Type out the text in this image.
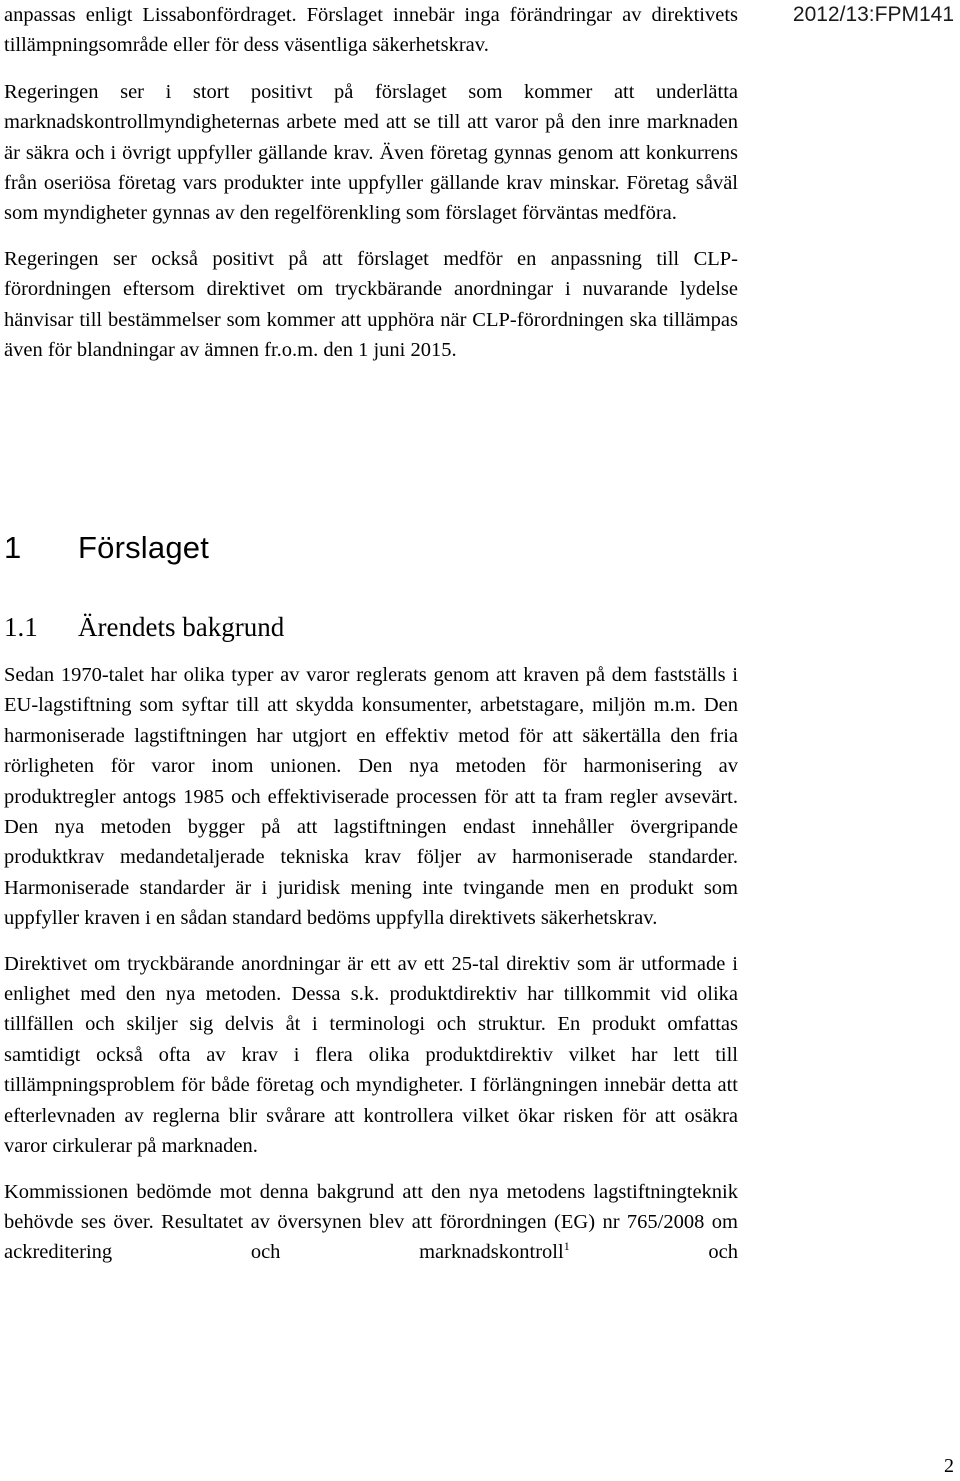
2012/13:FPM141

anpassas enligt Lissabonfördraget. Förslaget innebär inga förändringar av direktivets tillämpningsområde eller för dess väsentliga säkerhetskrav.

Regeringen ser i stort positivt på förslaget som kommer att underlätta marknadskontrollmyndigheternas arbete med att se till att varor på den inre marknaden är säkra och i övrigt uppfyller gällande krav. Även företag gynnas genom att konkurrens från oseriösa företag vars produkter inte uppfyller gällande krav minskar. Företag såväl som myndigheter gynnas av den regelförenkling som förslaget förväntas medföra.

Regeringen ser också positivt på att förslaget medför en anpassning till CLP-förordningen eftersom direktivet om tryckbärande anordningar i nuvarande lydelse hänvisar till bestämmelser som kommer att upphöra när CLP-förordningen ska tillämpas även för blandningar av ämnen fr.o.m. den 1 juni 2015.

1 Förslaget
1.1 Ärendets bakgrund

Sedan 1970-talet har olika typer av varor reglerats genom att kraven på dem fastställs i EU-lagstiftning som syftar till att skydda konsumenter, arbetstagare, miljön m.m. Den harmoniserade lagstiftningen har utgjort en effektiv metod för att säkertälla den fria rörligheten för varor inom unionen. Den nya metoden för harmonisering av produktregler antogs 1985 och effektiviserade processen för att ta fram regler avsevärt. Den nya metoden bygger på att lagstiftningen endast innehåller övergripande produktkrav medandetaljerade tekniska krav följer av harmoniserade standarder. Harmoniserade standarder är i juridisk mening inte tvingande men en produkt som uppfyller kraven i en sådan standard bedöms uppfylla direktivets säkerhetskrav.

Direktivet om tryckbärande anordningar är ett av ett 25-tal direktiv som är utformade i enlighet med den nya metoden. Dessa s.k. produktdirektiv har tillkommit vid olika tillfällen och skiljer sig delvis åt i terminologi och struktur. En produkt omfattas samtidigt också ofta av krav i flera olika produktdirektiv vilket har lett till tillämpningsproblem för både företag och myndigheter. I förlängningen innebär detta att efterlevnaden av reglerna blir svårare att kontrollera vilket ökar risken för att osäkra varor cirkulerar på marknaden.

Kommissionen bedömde mot denna bakgrund att den nya metodens lagstiftningteknik behövde ses över. Resultatet av översynen blev att förordningen (EG) nr 765/2008 om ackreditering och marknadskontroll$^1$ och

2
